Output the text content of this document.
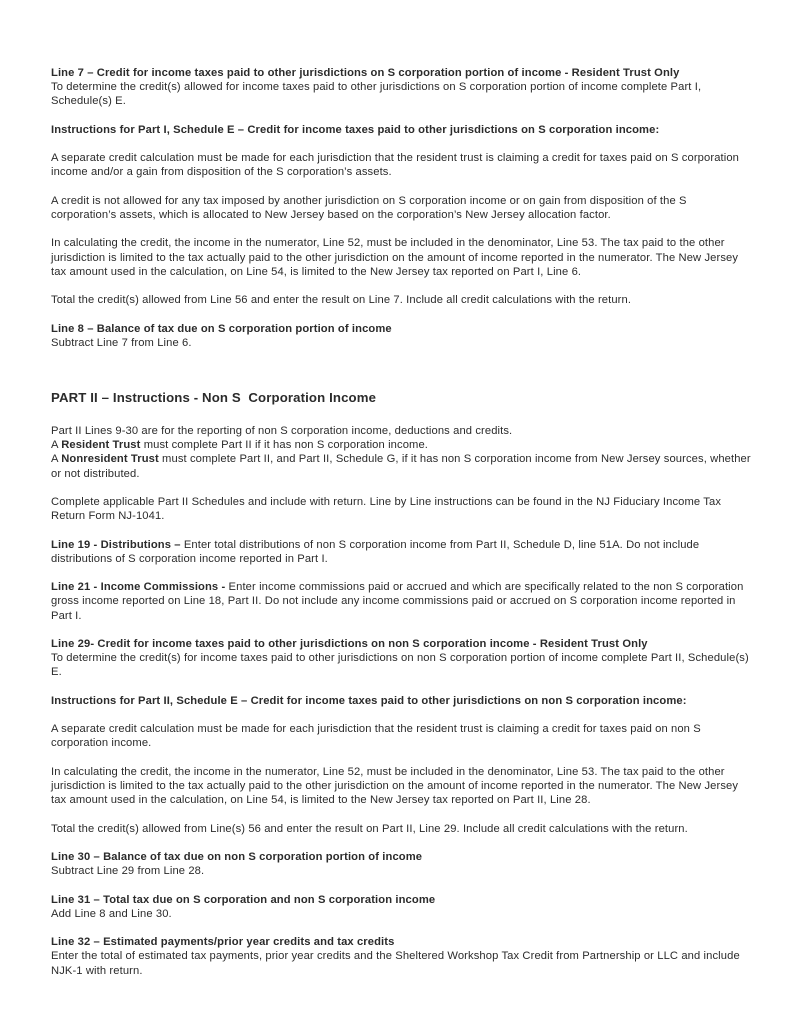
Line 7 – Credit for income taxes paid to other jurisdictions on S corporation portion of income - Resident Trust Only

To determine the credit(s) allowed for income taxes paid to other jurisdictions on S corporation portion of income complete Part I, Schedule(s) E.

Instructions for Part I, Schedule E – Credit for income taxes paid to other jurisdictions on S corporation income:

A separate credit calculation must be made for each jurisdiction that the resident trust is claiming a credit for taxes paid on S corporation income and/or a gain from disposition of the S corporation’s assets.

A credit is not allowed for any tax imposed by another jurisdiction on S corporation income or on gain from disposition of the S corporation’s assets, which is allocated to New Jersey based on the corporation’s New Jersey allocation factor.

In calculating the credit, the income in the numerator, Line 52, must be included in the denominator, Line 53. The tax paid to the other jurisdiction is limited to the tax actually paid to the other jurisdiction on the amount of income reported in the numerator. The New Jersey tax amount used in the calculation, on Line 54, is limited to the New Jersey tax reported on Part I, Line 6.

Total the credit(s) allowed from Line 56 and enter the result on Line 7. Include all credit calculations with the return.

Line 8 – Balance of tax due on S corporation portion of income

Subtract Line 7 from Line 6.

PART II – Instructions - Non S  Corporation Income

Part II Lines 9-30 are for the reporting of non S corporation income, deductions and credits.

A Resident Trust must complete Part II if it has non S corporation income.

A Nonresident Trust must complete Part II, and Part II, Schedule G, if it has non S corporation income from New Jersey sources, whether or not distributed.

Complete applicable Part II Schedules and include with return. Line by Line instructions can be found in the NJ Fiduciary Income Tax Return Form NJ-1041.

Line 19 - Distributions – Enter total distributions of non S corporation income from Part II, Schedule D, line 51A. Do not include distributions of S corporation income reported in Part I.

Line 21 - Income Commissions - Enter income commissions paid or accrued and which are specifically related to the non S corporation gross income reported on Line 18, Part II. Do not include any income commissions paid or accrued on S corporation income reported in Part I.

Line 29- Credit for income taxes paid to other jurisdictions on non S corporation income - Resident Trust Only

To determine the credit(s) for income taxes paid to other jurisdictions on non S corporation portion of income complete Part II, Schedule(s) E.

Instructions for Part II, Schedule E – Credit for income taxes paid to other jurisdictions on non S corporation income:

A separate credit calculation must be made for each jurisdiction that the resident trust is claiming a credit for taxes paid on non S corporation income.

In calculating the credit, the income in the numerator, Line 52, must be included in the denominator, Line 53. The tax paid to the other jurisdiction is limited to the tax actually paid to the other jurisdiction on the amount of income reported in the numerator. The New Jersey tax amount used in the calculation, on Line 54, is limited to the New Jersey tax reported on Part II, Line 28.

Total the credit(s) allowed from Line(s) 56 and enter the result on Part II, Line 29. Include all credit calculations with the return.

Line 30 – Balance of tax due on non S corporation portion of income

Subtract Line 29 from Line 28.

Line 31 – Total tax due on S corporation and non S corporation income

Add Line 8 and Line 30.

Line 32 – Estimated payments/prior year credits and tax credits

Enter the total of estimated tax payments, prior year credits and the Sheltered Workshop Tax Credit from Partnership or LLC and include NJK-1 with return.
